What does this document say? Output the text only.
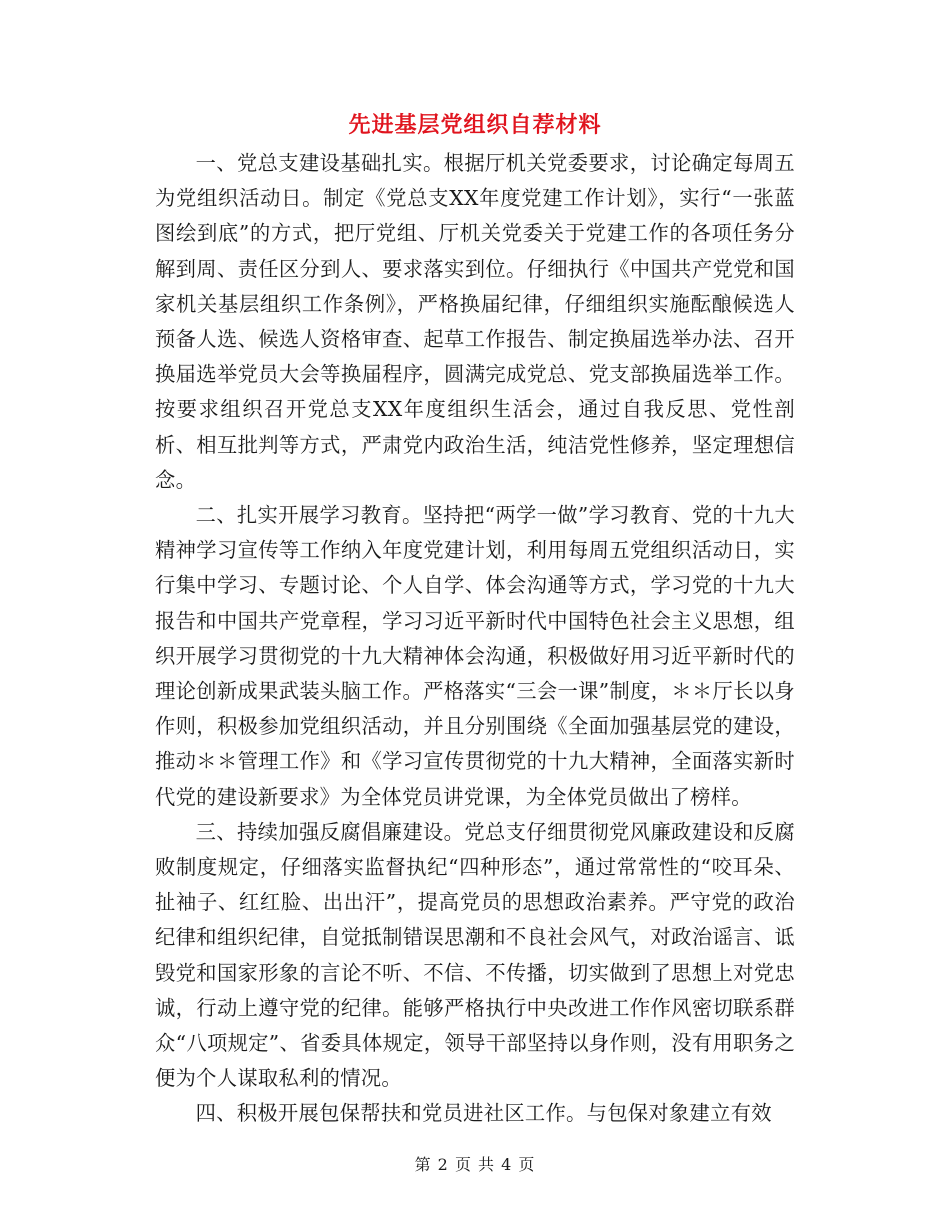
先进基层党组织自荐材料

一、党总支建设基础扎实。根据厅机关党委要求，讨论确定每周五为党组织活动日。制定《党总支XX年度党建工作计划》，实行“一张蓝图绘到底”的方式，把厅党组、厅机关党委关于党建工作的各项任务分解到周、责任区分到人、要求落实到位。仔细执行《中国共产党党和国家机关基层组织工作条例》，严格换届纪律，仔细组织实施酝酿候选人预备人选、候选人资格审查、起草工作报告、制定换届选举办法、召开换届选举党员大会等换届程序，圆满完成党总、党支部换届选举工作。按要求组织召开党总支XX年度组织生活会，通过自我反思、党性剖析、相互批判等方式，严肃党内政治生活，纯洁党性修养，坚定理想信念。

二、扎实开展学习教育。坚持把“两学一做”学习教育、党的十九大精神学习宣传等工作纳入年度党建计划，利用每周五党组织活动日，实行集中学习、专题讨论、个人自学、体会沟通等方式，学习党的十九大报告和中国共产党章程，学习习近平新时代中国特色社会主义思想，组织开展学习贯彻党的十九大精神体会沟通，积极做好用习近平新时代的理论创新成果武装头脑工作。严格落实“三会一课”制度，＊＊厅长以身作则，积极参加党组织活动，并且分别围绕《全面加强基层党的建设，推动＊＊管理工作》和《学习宣传贯彻党的十九大精神，全面落实新时代党的建设新要求》为全体党员讲党课，为全体党员做出了榜样。

三、持续加强反腐倡廉建设。党总支仔细贯彻党风廉政建设和反腐败制度规定，仔细落实监督执纪“四种形态”，通过常常性的“咬耳朵、扯袖子、红红脸、出出汗”，提高党员的思想政治素养。严守党的政治纪律和组织纪律，自觉抵制错误思潮和不良社会风气，对政治谣言、诋毁党和国家形象的言论不听、不信、不传播，切实做到了思想上对党忠诚，行动上遵守党的纪律。能够严格执行中央改进工作作风密切联系群众“八项规定”、省委具体规定，领导干部坚持以身作则，没有用职务之便为个人谋取私利的情况。

四、积极开展包保帮扶和党员进社区工作。与包保对象建立有效

第 2 页 共 4 页
